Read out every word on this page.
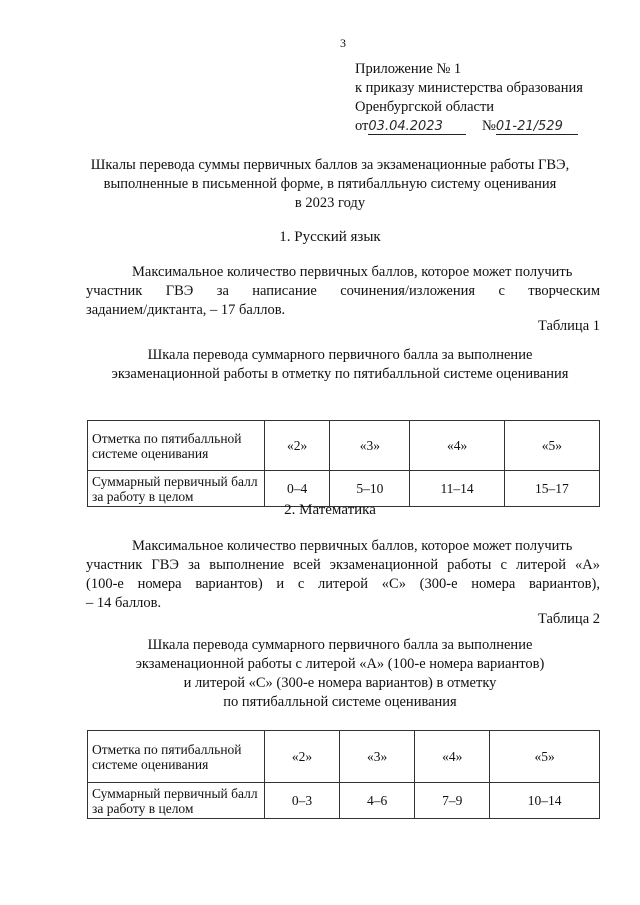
3
Приложение № 1
к приказу министерства образования
Оренбургской области
от03.04.2023	№01-21/529
Шкалы перевода суммы первичных баллов за экзаменационные работы ГВЭ,
выполненные в письменной форме, в пятибалльную систему оценивания
в 2023 году
1. Русский язык
Максимальное количество первичных баллов, которое может получить
участник ГВЭ за написание сочинения/изложения с творческим
заданием/диктанта, – 17 баллов.
Таблица 1
Шкала перевода суммарного первичного балла за выполнение
экзаменационной работы в отметку по пятибалльной системе оценивания
Отметка по пятибалльной системе оценивания	«2»	«3»	«4»	«5»
Суммарный первичный балл за работу в целом	0–4	5–10	11–14	15–17
2. Математика
Максимальное количество первичных баллов, которое может получить
участник ГВЭ за выполнение всей экзаменационной работы с литерой «А»
(100-е номера вариантов) и с литерой «С» (300-е номера вариантов),
– 14 баллов.
Таблица 2
Шкала перевода суммарного первичного балла за выполнение
экзаменационной работы с литерой «А» (100-е номера вариантов)
и литерой «С» (300-е номера вариантов) в отметку
по пятибалльной системе оценивания
Отметка по пятибалльной системе оценивания	«2»	«3»	«4»	«5»
Суммарный первичный балл за работу в целом	0–3	4–6	7–9	10–14
